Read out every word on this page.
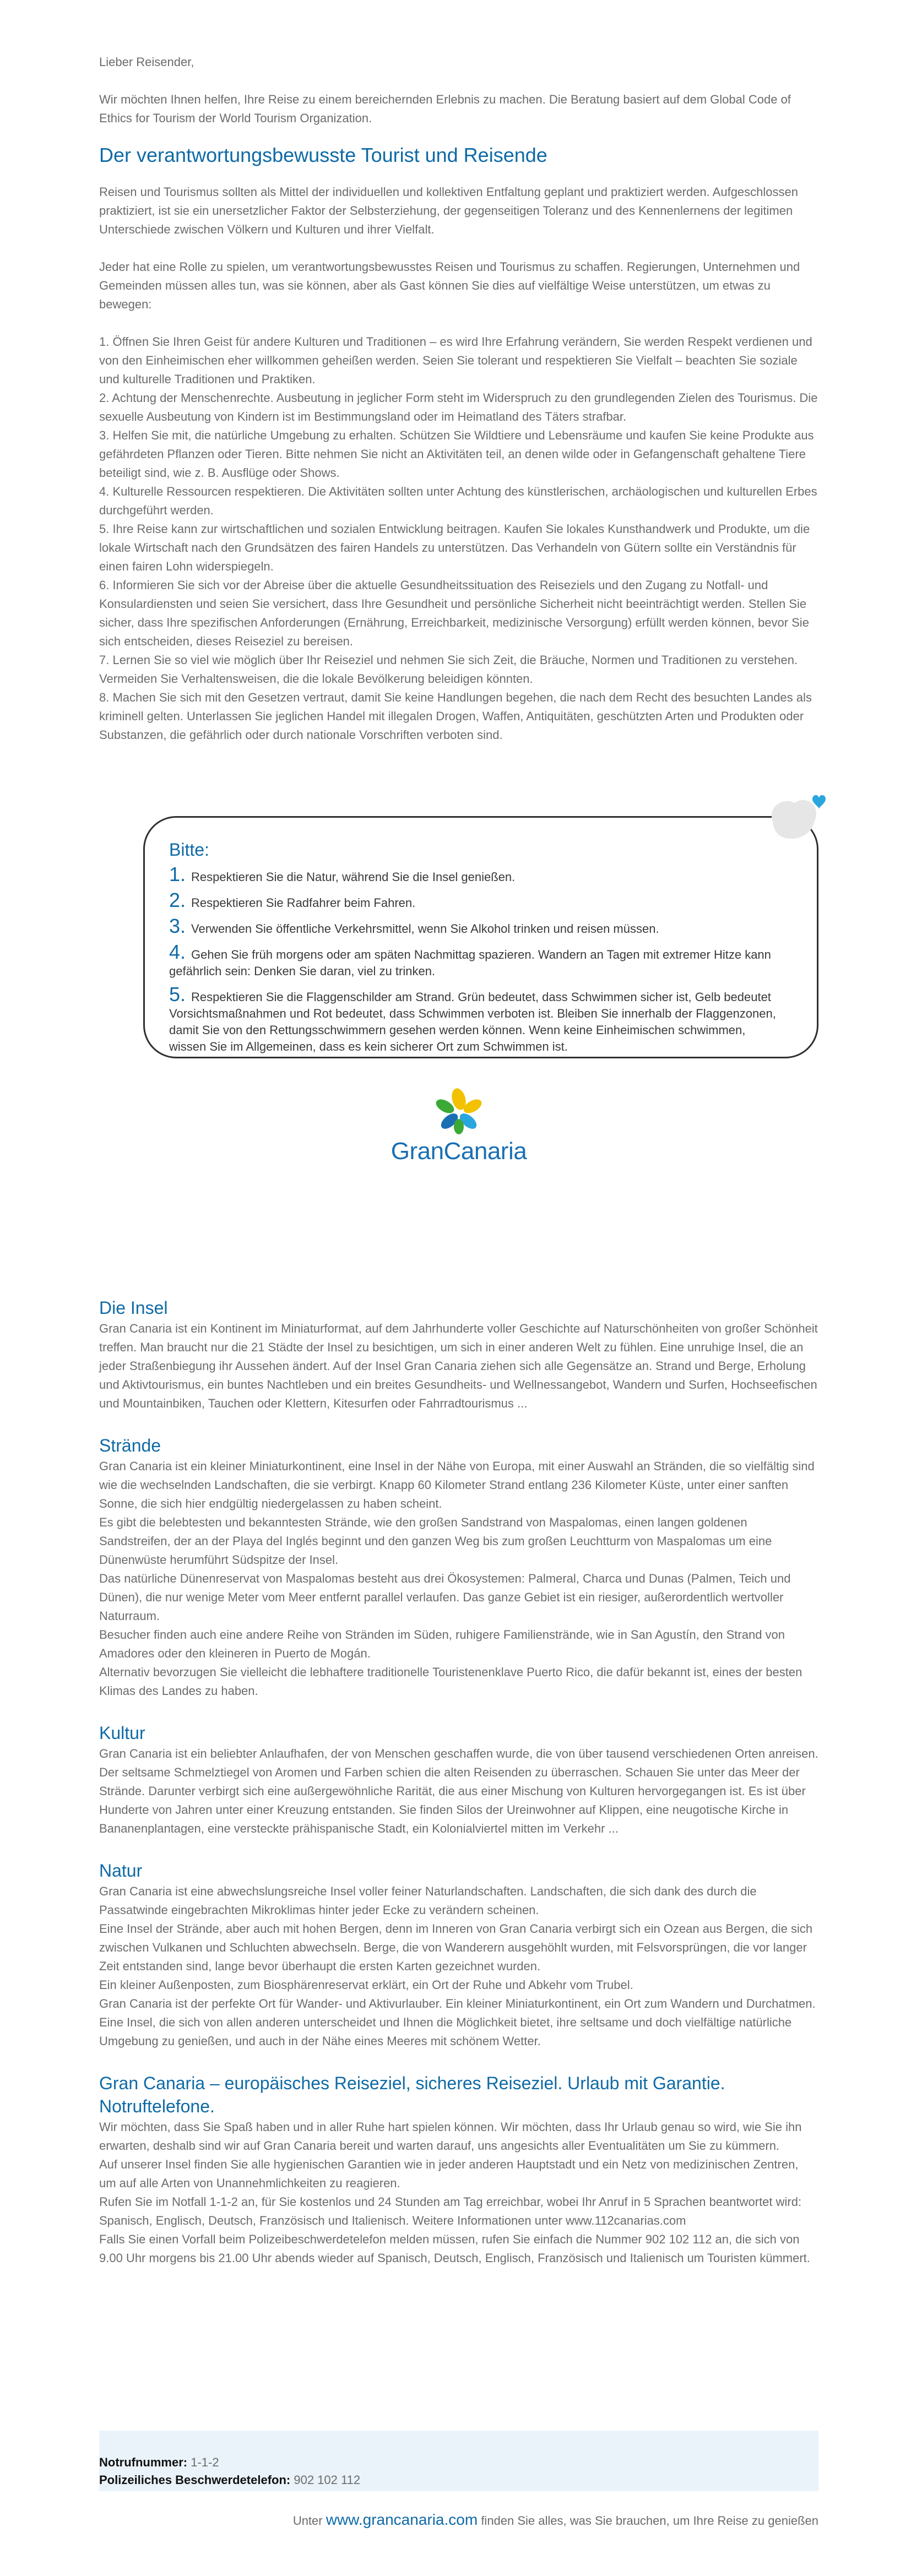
Lieber Reisender,

Wir möchten Ihnen helfen, Ihre Reise zu einem bereichernden Erlebnis zu machen. Die Beratung basiert auf dem Global Code of Ethics for Tourism der World Tourism Organization.

Der verantwortungsbewusste Tourist und Reisende

Reisen und Tourismus sollten als Mittel der individuellen und kollektiven Entfaltung geplant und praktiziert werden. Aufgeschlossen praktiziert, ist sie ein unersetzlicher Faktor der Selbsterziehung, der gegenseitigen Toleranz und des Kennenlernens der legitimen Unterschiede zwischen Völkern und Kulturen und ihrer Vielfalt.

Jeder hat eine Rolle zu spielen, um verantwortungsbewusstes Reisen und Tourismus zu schaffen. Regierungen, Unternehmen und Gemeinden müssen alles tun, was sie können, aber als Gast können Sie dies auf vielfältige Weise unterstützen, um etwas zu bewegen:

1. Öffnen Sie Ihren Geist für andere Kulturen und Traditionen – es wird Ihre Erfahrung verändern, Sie werden Respekt verdienen und von den Einheimischen eher willkommen geheißen werden. Seien Sie tolerant und respektieren Sie Vielfalt – beachten Sie soziale und kulturelle Traditionen und Praktiken.
2. Achtung der Menschenrechte. Ausbeutung in jeglicher Form steht im Widerspruch zu den grundlegenden Zielen des Tourismus. Die sexuelle Ausbeutung von Kindern ist im Bestimmungsland oder im Heimatland des Täters strafbar.
3. Helfen Sie mit, die natürliche Umgebung zu erhalten. Schützen Sie Wildtiere und Lebensräume und kaufen Sie keine Produkte aus gefährdeten Pflanzen oder Tieren. Bitte nehmen Sie nicht an Aktivitäten teil, an denen wilde oder in Gefangenschaft gehaltene Tiere beteiligt sind, wie z. B. Ausflüge oder Shows.
4. Kulturelle Ressourcen respektieren. Die Aktivitäten sollten unter Achtung des künstlerischen, archäologischen und kulturellen Erbes durchgeführt werden.
5. Ihre Reise kann zur wirtschaftlichen und sozialen Entwicklung beitragen. Kaufen Sie lokales Kunsthandwerk und Produkte, um die lokale Wirtschaft nach den Grundsätzen des fairen Handels zu unterstützen. Das Verhandeln von Gütern sollte ein Verständnis für einen fairen Lohn widerspiegeln.
6. Informieren Sie sich vor der Abreise über die aktuelle Gesundheitssituation des Reiseziels und den Zugang zu Notfall- und Konsulardiensten und seien Sie versichert, dass Ihre Gesundheit und persönliche Sicherheit nicht beeinträchtigt werden. Stellen Sie sicher, dass Ihre spezifischen Anforderungen (Ernährung, Erreichbarkeit, medizinische Versorgung) erfüllt werden können, bevor Sie sich entscheiden, dieses Reiseziel zu bereisen.
7. Lernen Sie so viel wie möglich über Ihr Reiseziel und nehmen Sie sich Zeit, die Bräuche, Normen und Traditionen zu verstehen. Vermeiden Sie Verhaltensweisen, die die lokale Bevölkerung beleidigen könnten.
8. Machen Sie sich mit den Gesetzen vertraut, damit Sie keine Handlungen begehen, die nach dem Recht des besuchten Landes als kriminell gelten. Unterlassen Sie jeglichen Handel mit illegalen Drogen, Waffen, Antiquitäten, geschützten Arten und Produkten oder Substanzen, die gefährlich oder durch nationale Vorschriften verboten sind.
Bitte:
1. Respektieren Sie die Natur, während Sie die Insel genießen.
2. Respektieren Sie Radfahrer beim Fahren.
3. Verwenden Sie öffentliche Verkehrsmittel, wenn Sie Alkohol trinken und reisen müssen.
4. Gehen Sie früh morgens oder am späten Nachmittag spazieren. Wandern an Tagen mit extremer Hitze kann gefährlich sein: Denken Sie daran, viel zu trinken.
5. Respektieren Sie die Flaggenschilder am Strand. Grün bedeutet, dass Schwimmen sicher ist, Gelb bedeutet Vorsichtsmaßnahmen und Rot bedeutet, dass Schwimmen verboten ist. Bleiben Sie innerhalb der Flaggenzonen, damit Sie von den Rettungsschwimmern gesehen werden können. Wenn keine Einheimischen schwimmen, wissen Sie im Allgemeinen, dass es kein sicherer Ort zum Schwimmen ist.
GranCanaria
Die Insel

Gran Canaria ist ein Kontinent im Miniaturformat, auf dem Jahrhunderte voller Geschichte auf Naturschönheiten von großer Schönheit treffen. Man braucht nur die 21 Städte der Insel zu besichtigen, um sich in einer anderen Welt zu fühlen. Eine unruhige Insel, die an jeder Straßenbiegung ihr Aussehen ändert. Auf der Insel Gran Canaria ziehen sich alle Gegensätze an. Strand und Berge, Erholung und Aktivtourismus, ein buntes Nachtleben und ein breites Gesundheits- und Wellnessangebot, Wandern und Surfen, Hochseefischen und Mountainbiken, Tauchen oder Klettern, Kitesurfen oder Fahrradtourismus ...

Strände

Gran Canaria ist ein kleiner Miniaturkontinent, eine Insel in der Nähe von Europa, mit einer Auswahl an Stränden, die so vielfältig sind wie die wechselnden Landschaften, die sie verbirgt. Knapp 60 Kilometer Strand entlang 236 Kilometer Küste, unter einer sanften Sonne, die sich hier endgültig niedergelassen zu haben scheint.

Es gibt die belebtesten und bekanntesten Strände, wie den großen Sandstrand von Maspalomas, einen langen goldenen Sandstreifen, der an der Playa del Inglés beginnt und den ganzen Weg bis zum großen Leuchtturm von Maspalomas um eine Dünenwüste herumführt Südspitze der Insel.

Das natürliche Dünenreservat von Maspalomas besteht aus drei Ökosystemen: Palmeral, Charca und Dunas (Palmen, Teich und Dünen), die nur wenige Meter vom Meer entfernt parallel verlaufen. Das ganze Gebiet ist ein riesiger, außerordentlich wertvoller Naturraum.

Besucher finden auch eine andere Reihe von Stränden im Süden, ruhigere Familienstrände, wie in San Agustín, den Strand von Amadores oder den kleineren in Puerto de Mogán.

Alternativ bevorzugen Sie vielleicht die lebhaftere traditionelle Touristenenklave Puerto Rico, die dafür bekannt ist, eines der besten Klimas des Landes zu haben.

Kultur

Gran Canaria ist ein beliebter Anlaufhafen, der von Menschen geschaffen wurde, die von über tausend verschiedenen Orten anreisen. Der seltsame Schmelztiegel von Aromen und Farben schien die alten Reisenden zu überraschen. Schauen Sie unter das Meer der Strände. Darunter verbirgt sich eine außergewöhnliche Rarität, die aus einer Mischung von Kulturen hervorgegangen ist. Es ist über Hunderte von Jahren unter einer Kreuzung entstanden. Sie finden Silos der Ureinwohner auf Klippen, eine neugotische Kirche in Bananenplantagen, eine versteckte prähispanische Stadt, ein Kolonialviertel mitten im Verkehr ...

Natur

Gran Canaria ist eine abwechslungsreiche Insel voller feiner Naturlandschaften. Landschaften, die sich dank des durch die Passatwinde eingebrachten Mikroklimas hinter jeder Ecke zu verändern scheinen.

Eine Insel der Strände, aber auch mit hohen Bergen, denn im Inneren von Gran Canaria verbirgt sich ein Ozean aus Bergen, die sich zwischen Vulkanen und Schluchten abwechseln. Berge, die von Wanderern ausgehöhlt wurden, mit Felsvorsprüngen, die vor langer Zeit entstanden sind, lange bevor überhaupt die ersten Karten gezeichnet wurden.

Ein kleiner Außenposten, zum Biosphärenreservat erklärt, ein Ort der Ruhe und Abkehr vom Trubel.

Gran Canaria ist der perfekte Ort für Wander- und Aktivurlauber. Ein kleiner Miniaturkontinent, ein Ort zum Wandern und Durchatmen. Eine Insel, die sich von allen anderen unterscheidet und Ihnen die Möglichkeit bietet, ihre seltsame und doch vielfältige natürliche Umgebung zu genießen, und auch in der Nähe eines Meeres mit schönem Wetter.

Gran Canaria – europäisches Reiseziel, sicheres Reiseziel. Urlaub mit Garantie. Notruftelefone.

Wir möchten, dass Sie Spaß haben und in aller Ruhe hart spielen können. Wir möchten, dass Ihr Urlaub genau so wird, wie Sie ihn erwarten, deshalb sind wir auf Gran Canaria bereit und warten darauf, uns angesichts aller Eventualitäten um Sie zu kümmern.

Auf unserer Insel finden Sie alle hygienischen Garantien wie in jeder anderen Hauptstadt und ein Netz von medizinischen Zentren, um auf alle Arten von Unannehmlichkeiten zu reagieren.

Rufen Sie im Notfall 1-1-2 an, für Sie kostenlos und 24 Stunden am Tag erreichbar, wobei Ihr Anruf in 5 Sprachen beantwortet wird: Spanisch, Englisch, Deutsch, Französisch und Italienisch. Weitere Informationen unter www.112canarias.com

Falls Sie einen Vorfall beim Polizeibeschwerdetelefon melden müssen, rufen Sie einfach die Nummer 902 102 112 an, die sich von 9.00 Uhr morgens bis 21.00 Uhr abends wieder auf Spanisch, Deutsch, Englisch, Französisch und Italienisch um Touristen kümmert.

Notrufnummer: 1-1-2
Polizeiliches Beschwerdetelefon: 902 102 112
Unter www.grancanaria.com finden Sie alles, was Sie brauchen, um Ihre Reise zu genießen
